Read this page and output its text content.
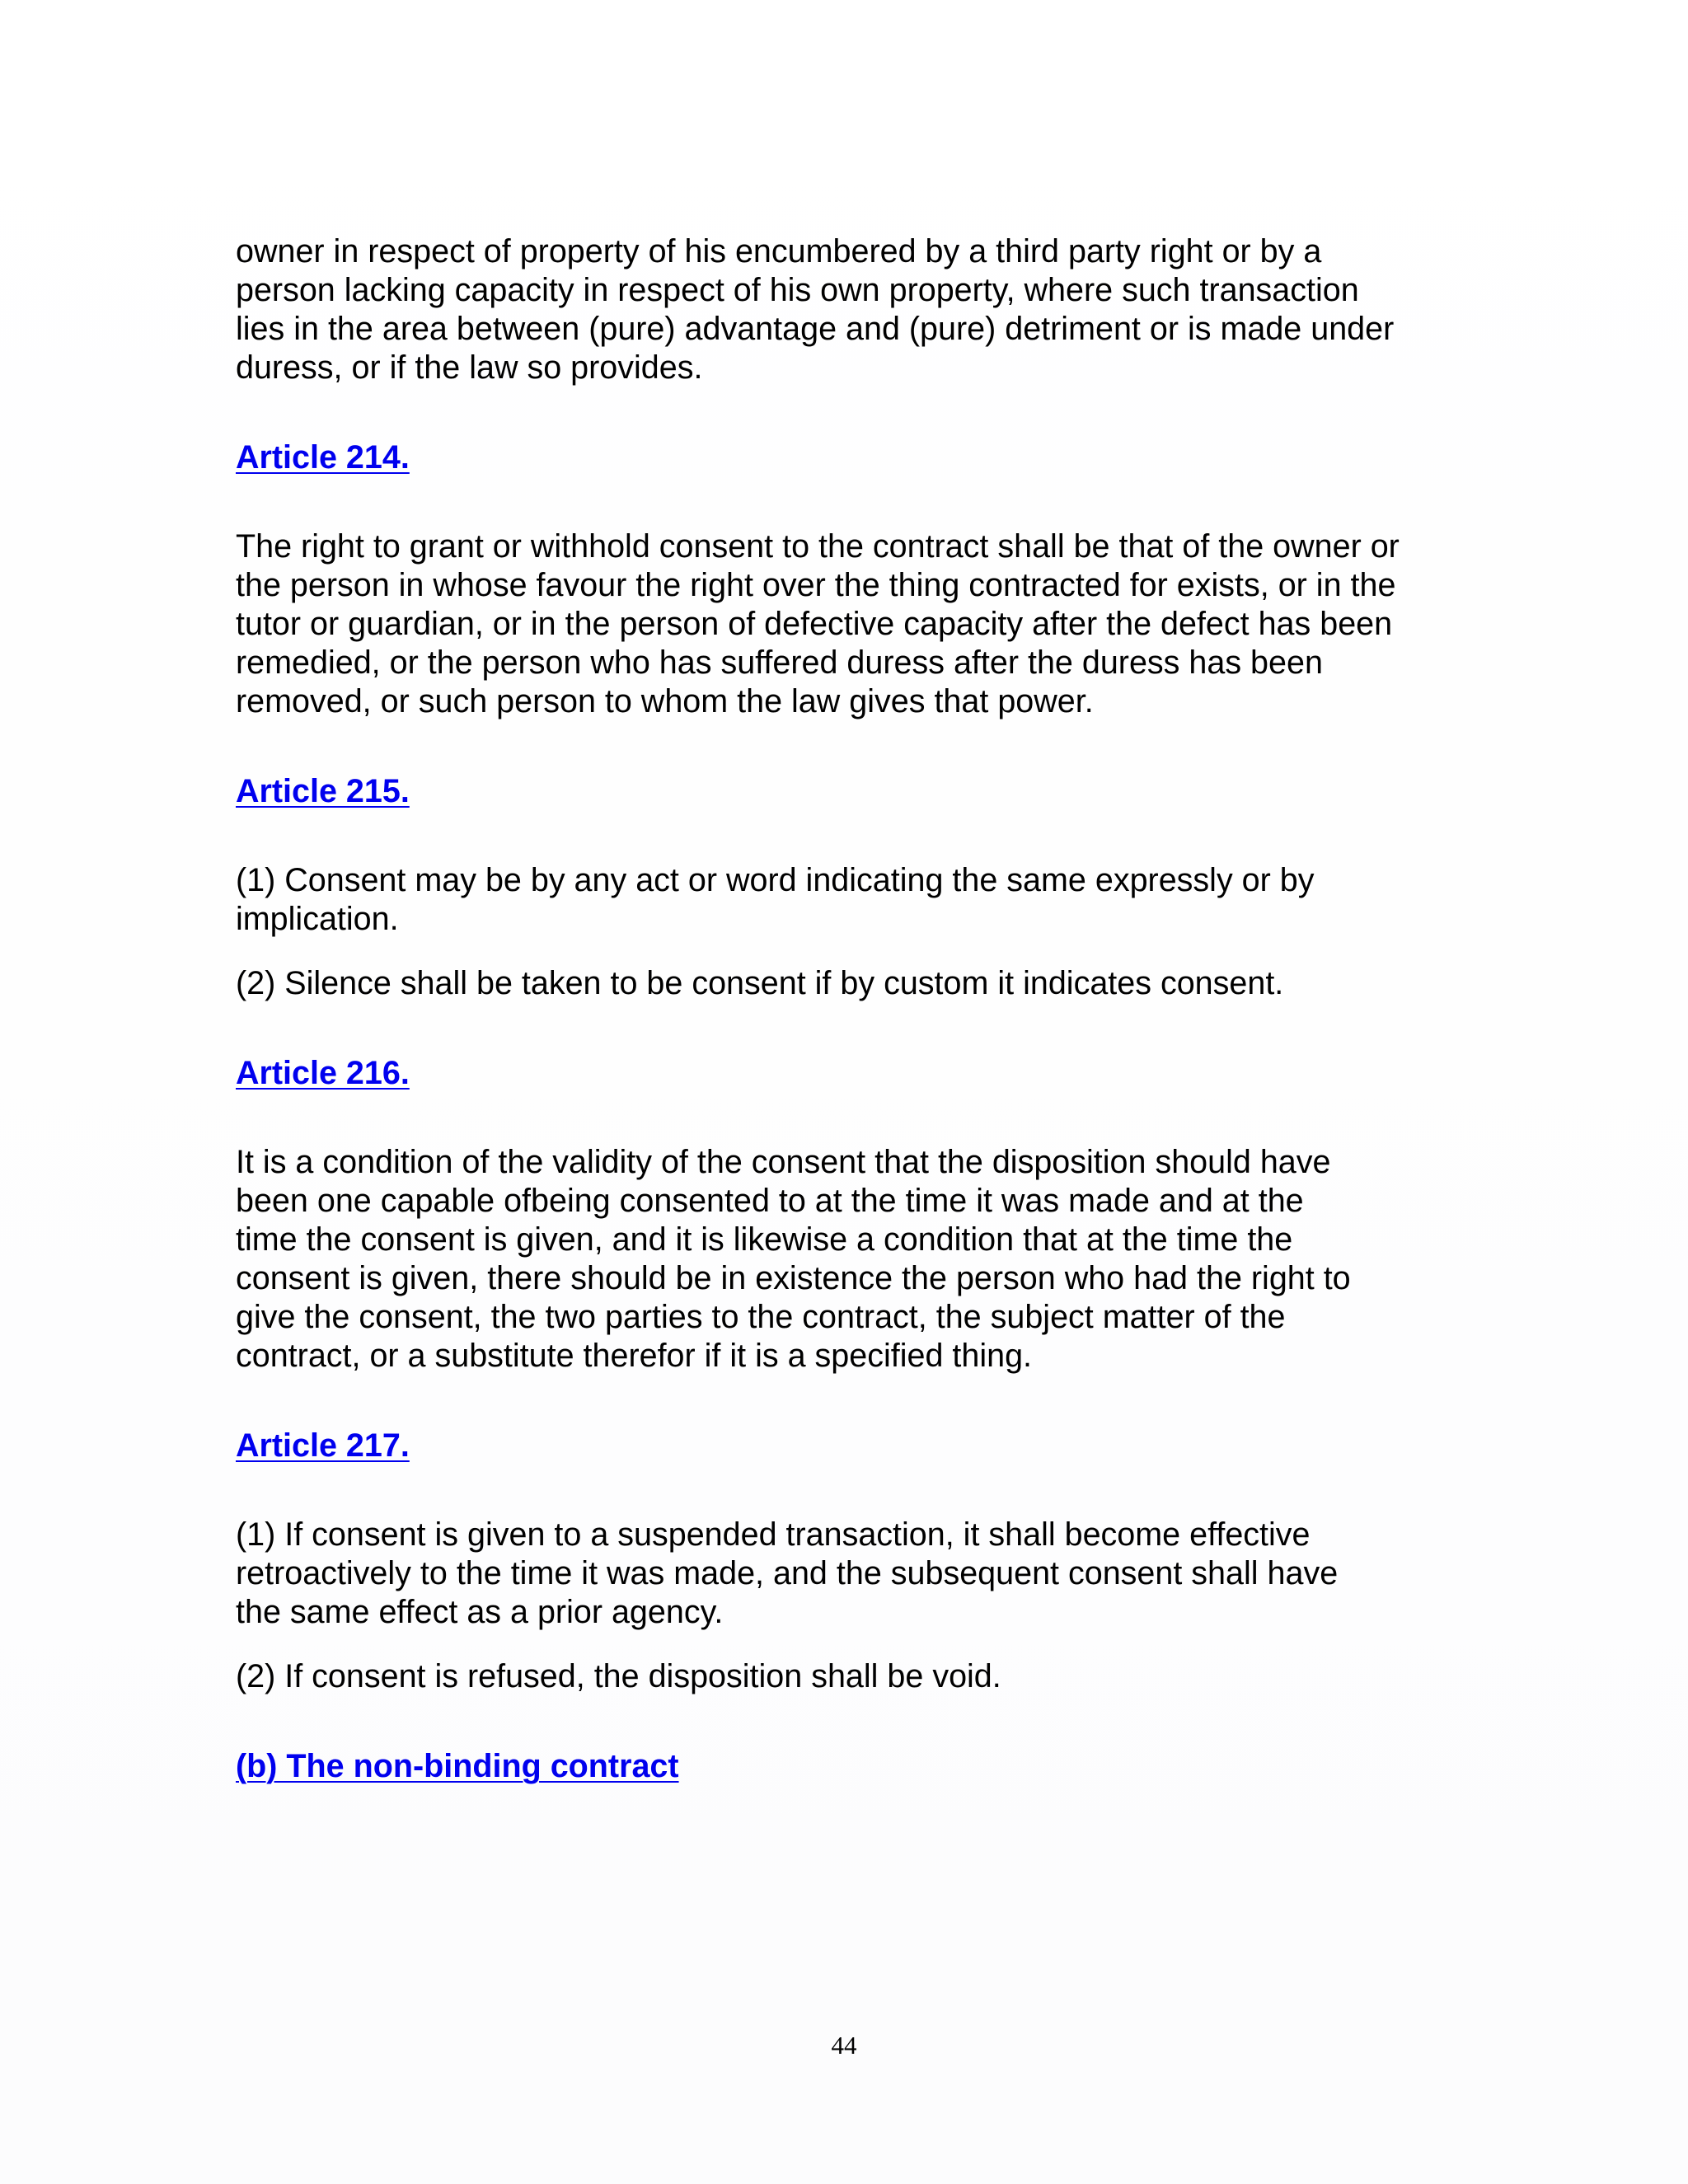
owner in respect of property of his encumbered by a third party right or by a
person lacking capacity in respect of his own property, where such transaction
lies in the area between (pure) advantage and (pure) detriment or is made under
duress, or if the law so provides.

Article 214.

The right to grant or withhold consent to the contract shall be that of the owner or
the person in whose favour the right over the thing contracted for exists, or in the
tutor or guardian, or in the person of defective capacity after the defect has been
remedied, or the person who has suffered duress after the duress has been
removed, or such person to whom the law gives that power.

Article 215.

(1) Consent may be by any act or word indicating the same expressly or by
implication.

(2) Silence shall be taken to be consent if by custom it indicates consent.

Article 216.

It is a condition of the validity of the consent that the disposition should have
been one capable ofbeing consented to at the time it was made and at the
time the consent is given, and it is likewise a condition that at the time the
consent is given, there should be in existence the person who had the right to
give the consent, the two parties to the contract, the subject matter of the
contract, or a substitute therefor if it is a specified thing.

Article 217.

(1) If consent is given to a suspended transaction, it shall become effective
retroactively to the time it was made, and the subsequent consent shall have
the same effect as a prior agency.

(2) If consent is refused, the disposition shall be void.

(b) The non-binding contract
44
